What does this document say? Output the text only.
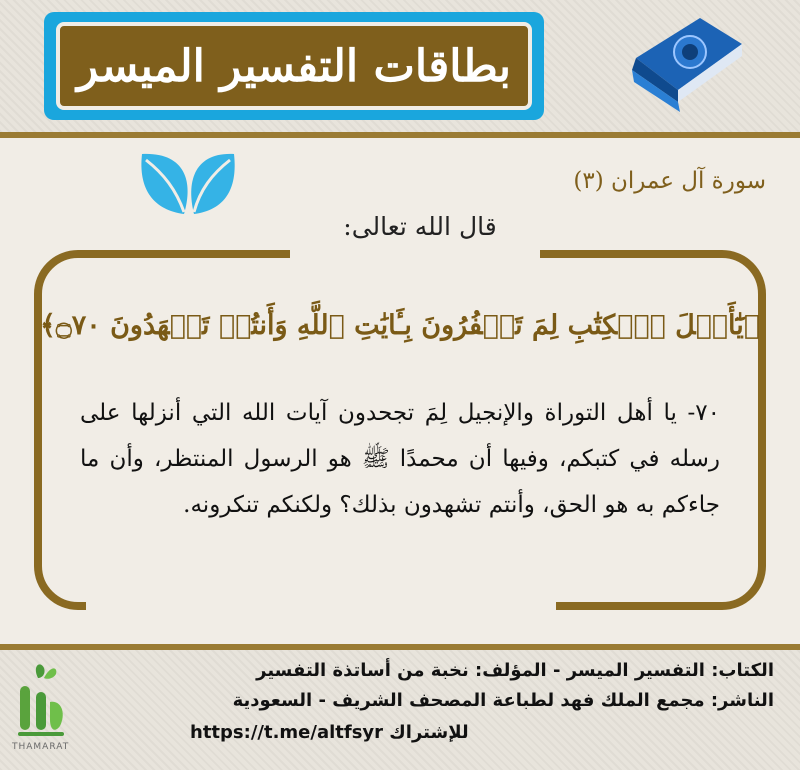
بطاقات التفسير الميسر
سورة آل عمران (٣)
قال الله تعالى:
﴿يَٰٓأَهۡلَ ٱلۡكِتَٰبِ لِمَ تَكۡفُرُونَ بِـَٔايَٰتِ ٱللَّهِ وَأَنتُمۡ تَشۡهَدُونَ ۝٧٠﴾
٧٠- يا أهل التوراة والإنجيل لِمَ تجحدون آيات الله التي أنزلها على رسله في كتبكم، وفيها أن محمدًا ﷺ هو الرسول المنتظر، وأن ما جاءكم به هو الحق، وأنتم تشهدون بذلك؟ ولكنكم تنكرونه.
الكتاب: التفسير الميسر - المؤلف: نخبة من أساتذة التفسير
الناشر: مجمع الملك فهد لطباعة المصحف الشريف - السعودية
للإشتراك https://t.me/altfsyr
THAMARAT
